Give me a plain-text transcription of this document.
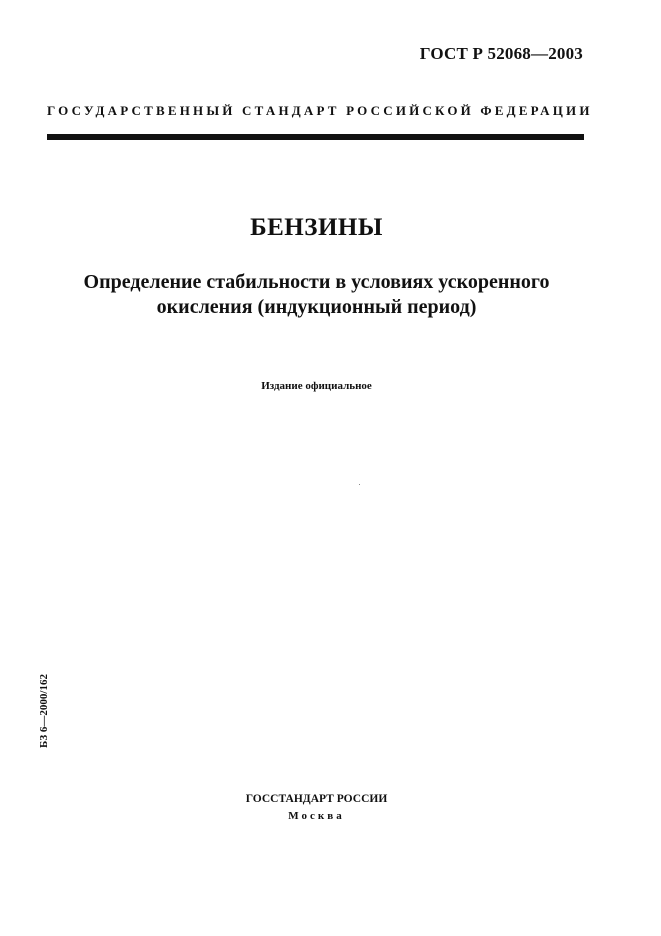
ГОСТ Р 52068—2003
ГОСУДАРСТВЕННЫЙ СТАНДАРТ РОССИЙСКОЙ ФЕДЕРАЦИИ
БЕНЗИНЫ
Определение стабильности в условиях ускоренного
окисления (индукционный период)
Издание официальное
БЗ 6—2000/162
ГОССТАНДАРТ РОССИИ
Москва
